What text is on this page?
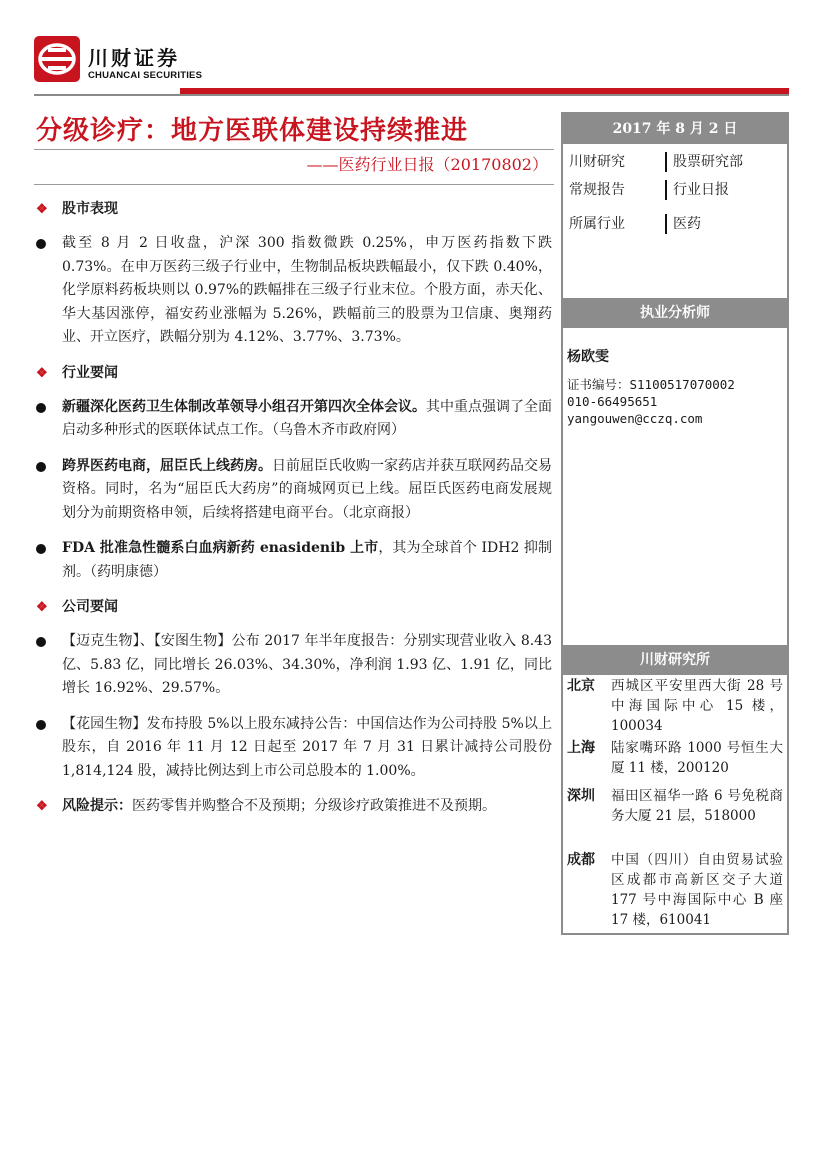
川财证券
CHUANCAI SECURITIES
分级诊疗：地方医联体建设持续推进
——医药行业日报（20170802）
❖ 股市表现
截至 8 月 2 日收盘，沪深 300 指数微跌 0.25%，申万医药指数下跌 0.73%。在申万医药三级子行业中，生物制品板块跌幅最小，仅下跌 0.40%，化学原料药板块则以 0.97%的跌幅排在三级子行业末位。个股方面，赤天化、华大基因涨停，福安药业涨幅为 5.26%，跌幅前三的股票为卫信康、奥翔药业、开立医疗，跌幅分别为 4.12%、3.77%、3.73%。
❖ 行业要闻
新疆深化医药卫生体制改革领导小组召开第四次全体会议。其中重点强调了全面启动多种形式的医联体试点工作。（乌鲁木齐市政府网）
跨界医药电商，屈臣氏上线药房。日前屈臣氏收购一家药店并获互联网药品交易资格。同时，名为“屈臣氏大药房”的商城网页已上线。屈臣氏医药电商发展规划分为前期资格申领，后续将搭建电商平台。（北京商报）
FDA 批准急性髓系白血病新药 enasidenib 上市，其为全球首个 IDH2 抑制剂。（药明康德）
❖ 公司要闻
【迈克生物】、【安图生物】公布 2017 年半年度报告：分别实现营业收入 8.43 亿、5.83 亿，同比增长 26.03%、34.30%，净利润 1.93 亿、1.91 亿，同比增长 16.92%、29.57%。
【花园生物】发布持股 5%以上股东减持公告：中国信达作为公司持股 5%以上股东，自 2016 年 11 月 12 日起至 2017 年 7 月 31 日累计减持公司股份 1,814,124 股，减持比例达到上市公司总股本的 1.00%。
❖ 风险提示：医药零售并购整合不及预期；分级诊疗政策推进不及预期。
2017 年 8 月 2 日
川财研究	股票研究部
常规报告	行业日报
所属行业	医药
执业分析师
杨欧雯
证书编号：S1100517070002
010-66495651
yangouwen@cczq.com
川财研究所
北京 西城区平安里西大街 28 号中海国际中心 15 楼，100034
上海 陆家嘴环路 1000 号恒生大厦 11 楼，200120
深圳 福田区福华一路 6 号免税商务大厦 21 层，518000
成都 中国（四川）自由贸易试验区成都市高新区交子大道 177 号中海国际中心 B 座 17 楼，610041
